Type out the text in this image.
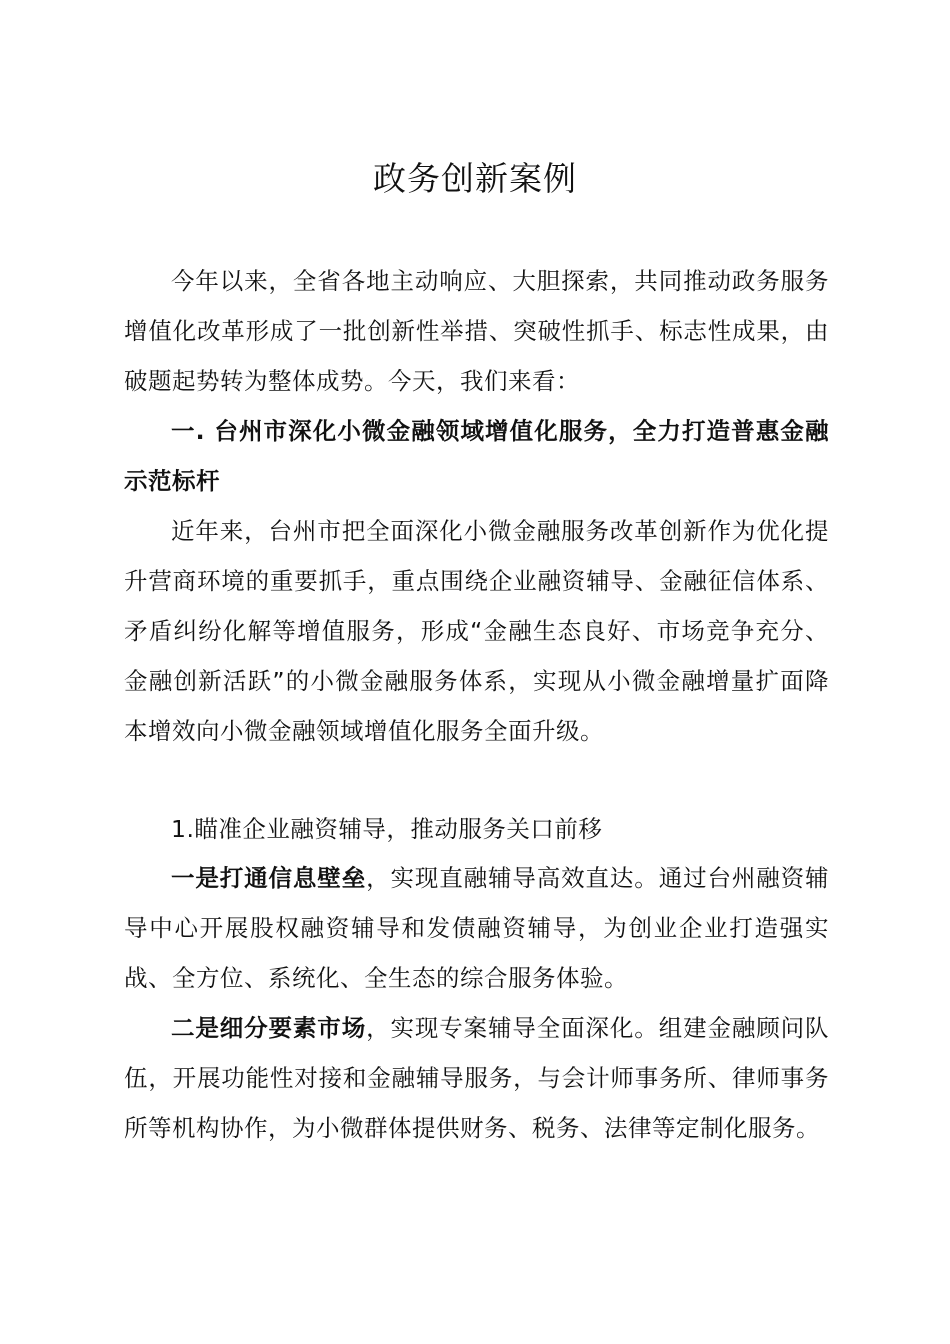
政务创新案例

今年以来，全省各地主动响应、大胆探索，共同推动政务服务增值化改革形成了一批创新性举措、突破性抓手、标志性成果，由破题起势转为整体成势。今天，我们来看：

一. 台州市深化小微金融领域增值化服务，全力打造普惠金融示范标杆

近年来，台州市把全面深化小微金融服务改革创新作为优化提升营商环境的重要抓手，重点围绕企业融资辅导、金融征信体系、矛盾纠纷化解等增值服务，形成“金融生态良好、市场竞争充分、金融创新活跃”的小微金融服务体系，实现从小微金融增量扩面降本增效向小微金融领域增值化服务全面升级。

1.瞄准企业融资辅导，推动服务关口前移

一是打通信息壁垒，实现直融辅导高效直达。通过台州融资辅导中心开展股权融资辅导和发债融资辅导，为创业企业打造强实战、全方位、系统化、全生态的综合服务体验。

二是细分要素市场，实现专案辅导全面深化。组建金融顾问队伍，开展功能性对接和金融辅导服务，与会计师事务所、律师事务所等机构协作，为小微群体提供财务、税务、法律等定制化服务。
